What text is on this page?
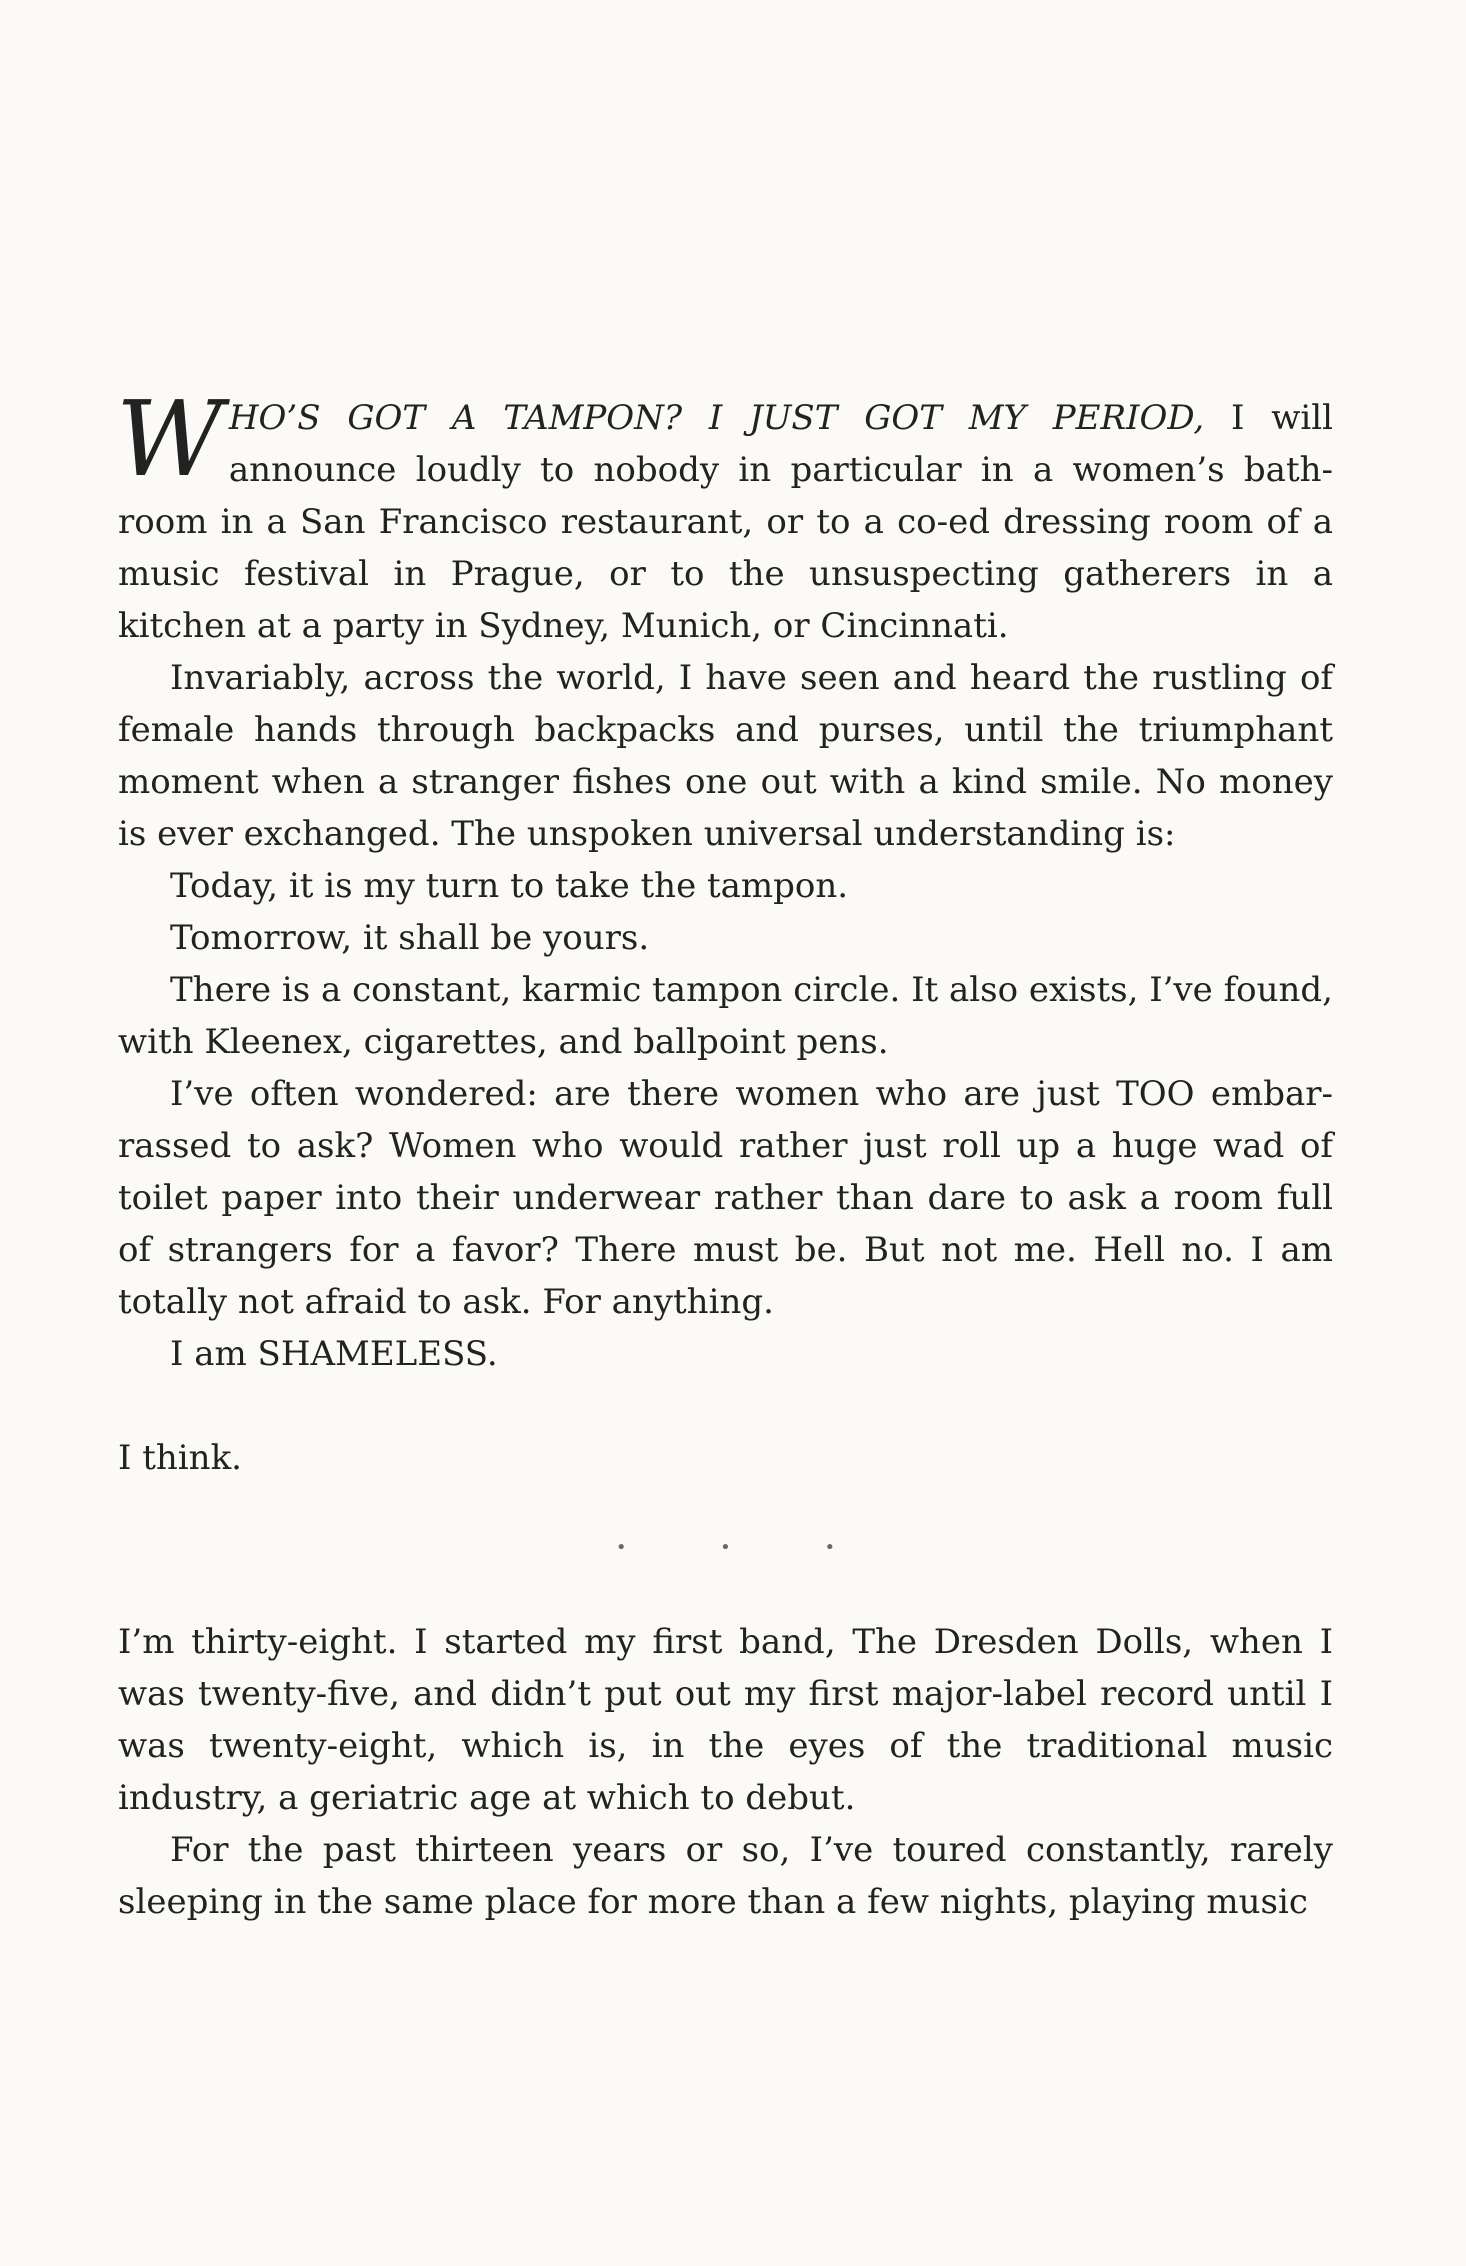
WHO’S GOT A TAMPON? I JUST GOT MY PERIOD, I will announce loudly to nobody in particular in a women’s bath-room in a San Francisco restaurant, or to a co-ed dressing room of a music festival in Prague, or to the unsuspecting gatherers in a kitchen at a party in Sydney, Munich, or Cincinnati.

Invariably, across the world, I have seen and heard the rustling of female hands through backpacks and purses, until the triumphant moment when a stranger fishes one out with a kind smile. No money is ever exchanged. The unspoken universal understanding is:

Today, it is my turn to take the tampon.

Tomorrow, it shall be yours.

There is a constant, karmic tampon circle. It also exists, I’ve found, with Kleenex, cigarettes, and ballpoint pens.

I’ve often wondered: are there women who are just TOO embar-rassed to ask? Women who would rather just roll up a huge wad of toilet paper into their underwear rather than dare to ask a room full of strangers for a favor? There must be. But not me. Hell no. I am totally not afraid to ask. For anything.

I am SHAMELESS.

I think.

• • •

I’m thirty-eight. I started my first band, The Dresden Dolls, when I was twenty-five, and didn’t put out my first major-label record until I was twenty-eight, which is, in the eyes of the traditional music industry, a geriatric age at which to debut.

For the past thirteen years or so, I’ve toured constantly, rarely sleeping in the same place for more than a few nights, playing music
